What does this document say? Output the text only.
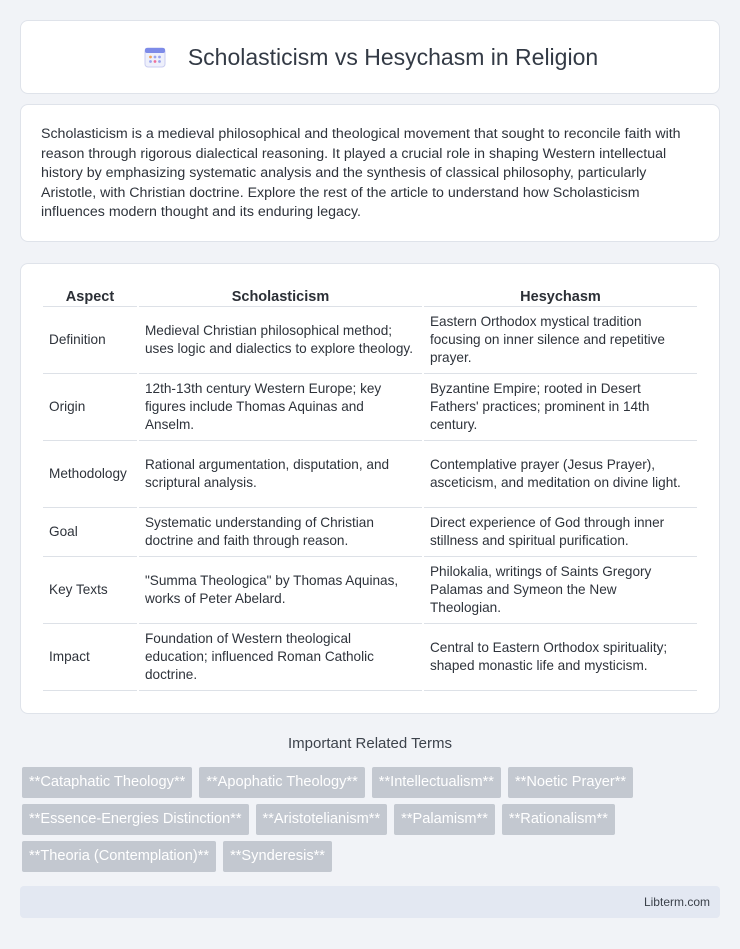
Scholasticism vs Hesychasm in Religion

Scholasticism is a medieval philosophical and theological movement that sought to reconcile faith with reason through rigorous dialectical reasoning. It played a crucial role in shaping Western intellectual history by emphasizing systematic analysis and the synthesis of classical philosophy, particularly Aristotle, with Christian doctrine. Explore the rest of the article to understand how Scholasticism influences modern thought and its enduring legacy.

Aspect	Scholasticism	Hesychasm
Definition	Medieval Christian philosophical method; uses logic and dialectics to explore theology.	Eastern Orthodox mystical tradition focusing on inner silence and repetitive prayer.
Origin	12th-13th century Western Europe; key figures include Thomas Aquinas and Anselm.	Byzantine Empire; rooted in Desert Fathers' practices; prominent in 14th century.
Methodology	Rational argumentation, disputation, and scriptural analysis.	Contemplative prayer (Jesus Prayer), asceticism, and meditation on divine light.
Goal	Systematic understanding of Christian doctrine and faith through reason.	Direct experience of God through inner stillness and spiritual purification.
Key Texts	"Summa Theologica" by Thomas Aquinas, works of Peter Abelard.	Philokalia, writings of Saints Gregory Palamas and Symeon the New Theologian.
Impact	Foundation of Western theological education; influenced Roman Catholic doctrine.	Central to Eastern Orthodox spirituality; shaped monastic life and mysticism.
Important Related Terms
**Cataphatic Theology**	**Apophatic Theology**	**Intellectualism**	**Noetic Prayer**
**Essence-Energies Distinction**	**Aristotelianism**	**Palamism**	**Rationalism**
**Theoria (Contemplation)**	**Synderesis**
Libterm.com
